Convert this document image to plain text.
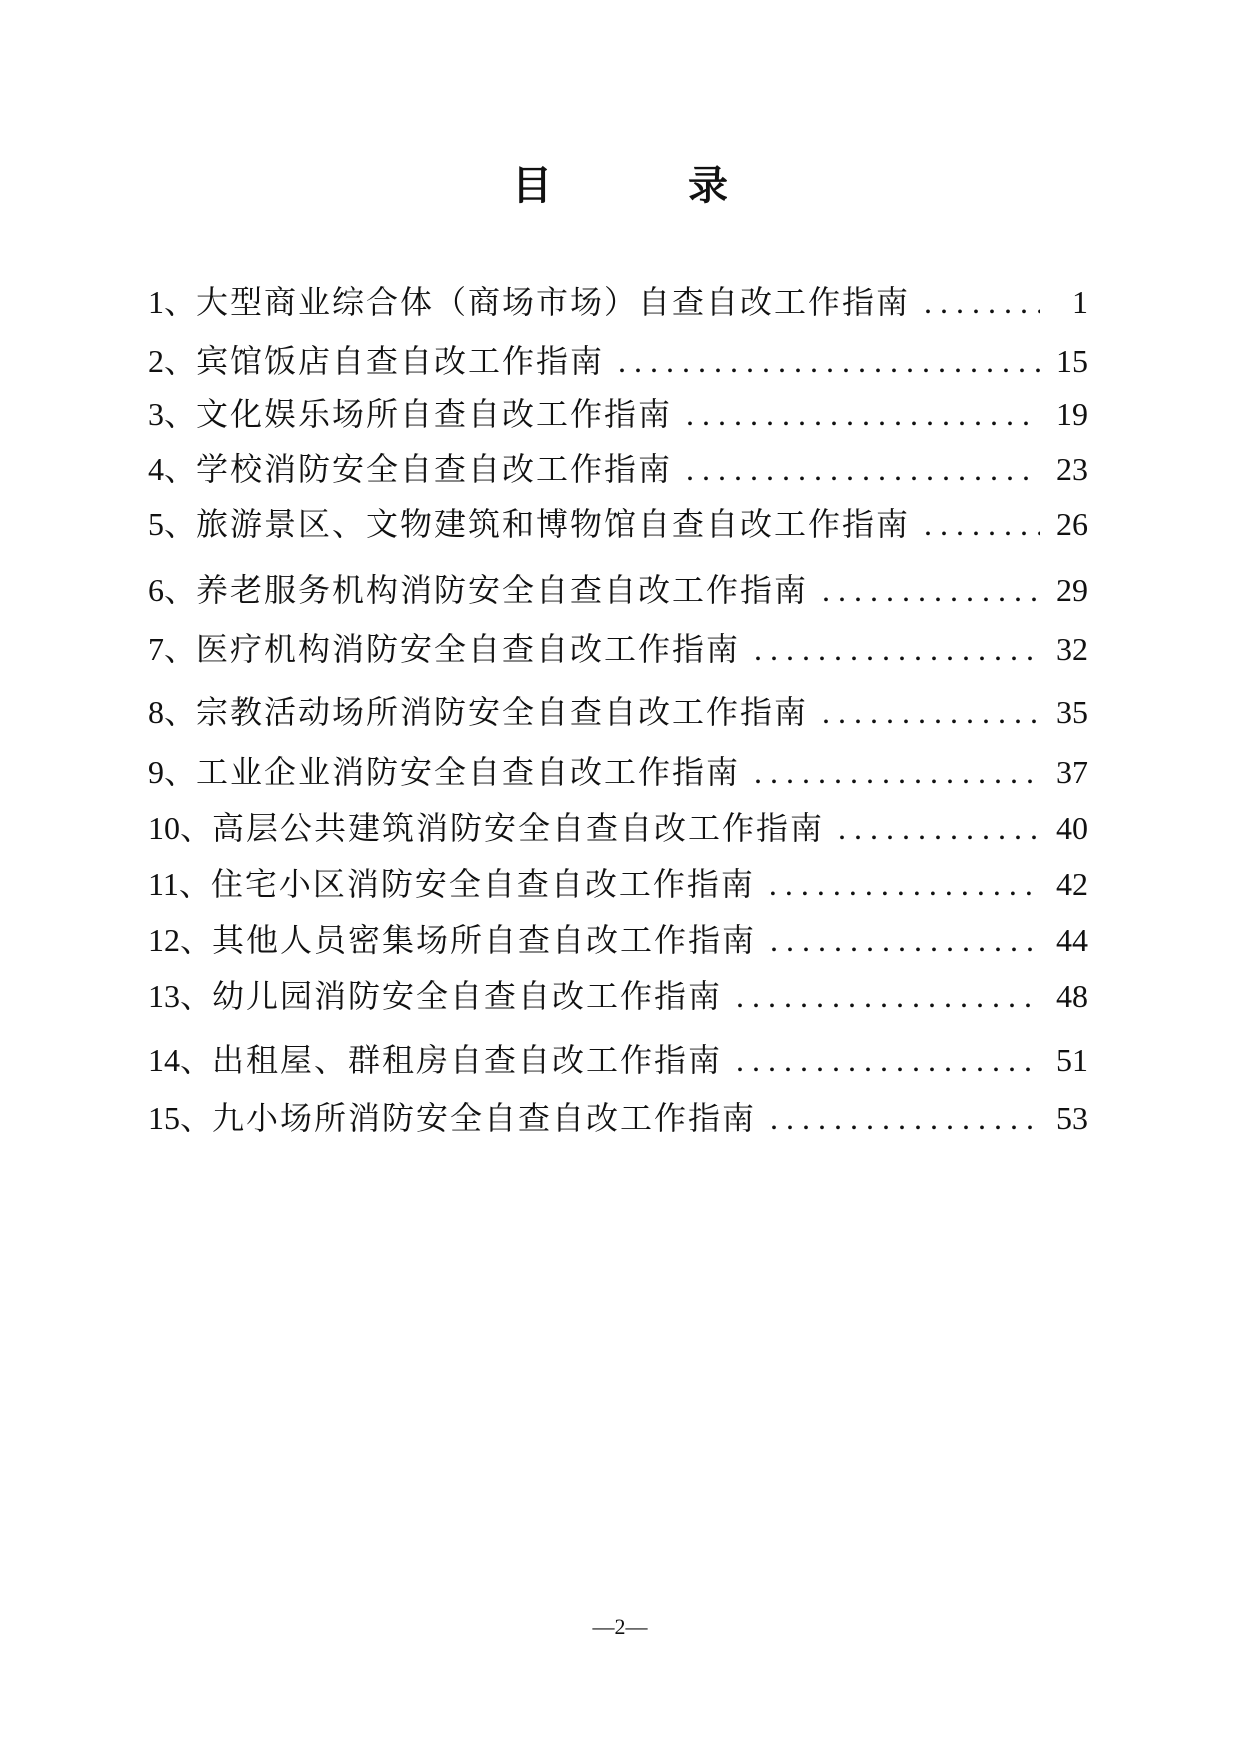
目　录
1、 大型商业综合体（商场市场）自查自改工作指南 . . .	1
2、 宾馆饭店自查自改工作指南 . . .	15
3、 文化娱乐场所自查自改工作指南 . . .	19
4、 学校消防安全自查自改工作指南 . . .	23
5、 旅游景区、文物建筑和博物馆自查自改工作指南 . . .	26
6、 养老服务机构消防安全自查自改工作指南 . . .	29
7、 医疗机构消防安全自查自改工作指南 . . .	32
8、 宗教活动场所消防安全自查自改工作指南 . . .	35
9、 工业企业消防安全自查自改工作指南 . . .	37
10、 高层公共建筑消防安全自查自改工作指南 . . .	40
11、 住宅小区消防安全自查自改工作指南 . . .	42
12、 其他人员密集场所自查自改工作指南 . . .	44
13、 幼儿园消防安全自查自改工作指南 . . .	48
14、 出租屋、群租房自查自改工作指南 . . .	51
15、 九小场所消防安全自查自改工作指南 . . .	53
—2—
